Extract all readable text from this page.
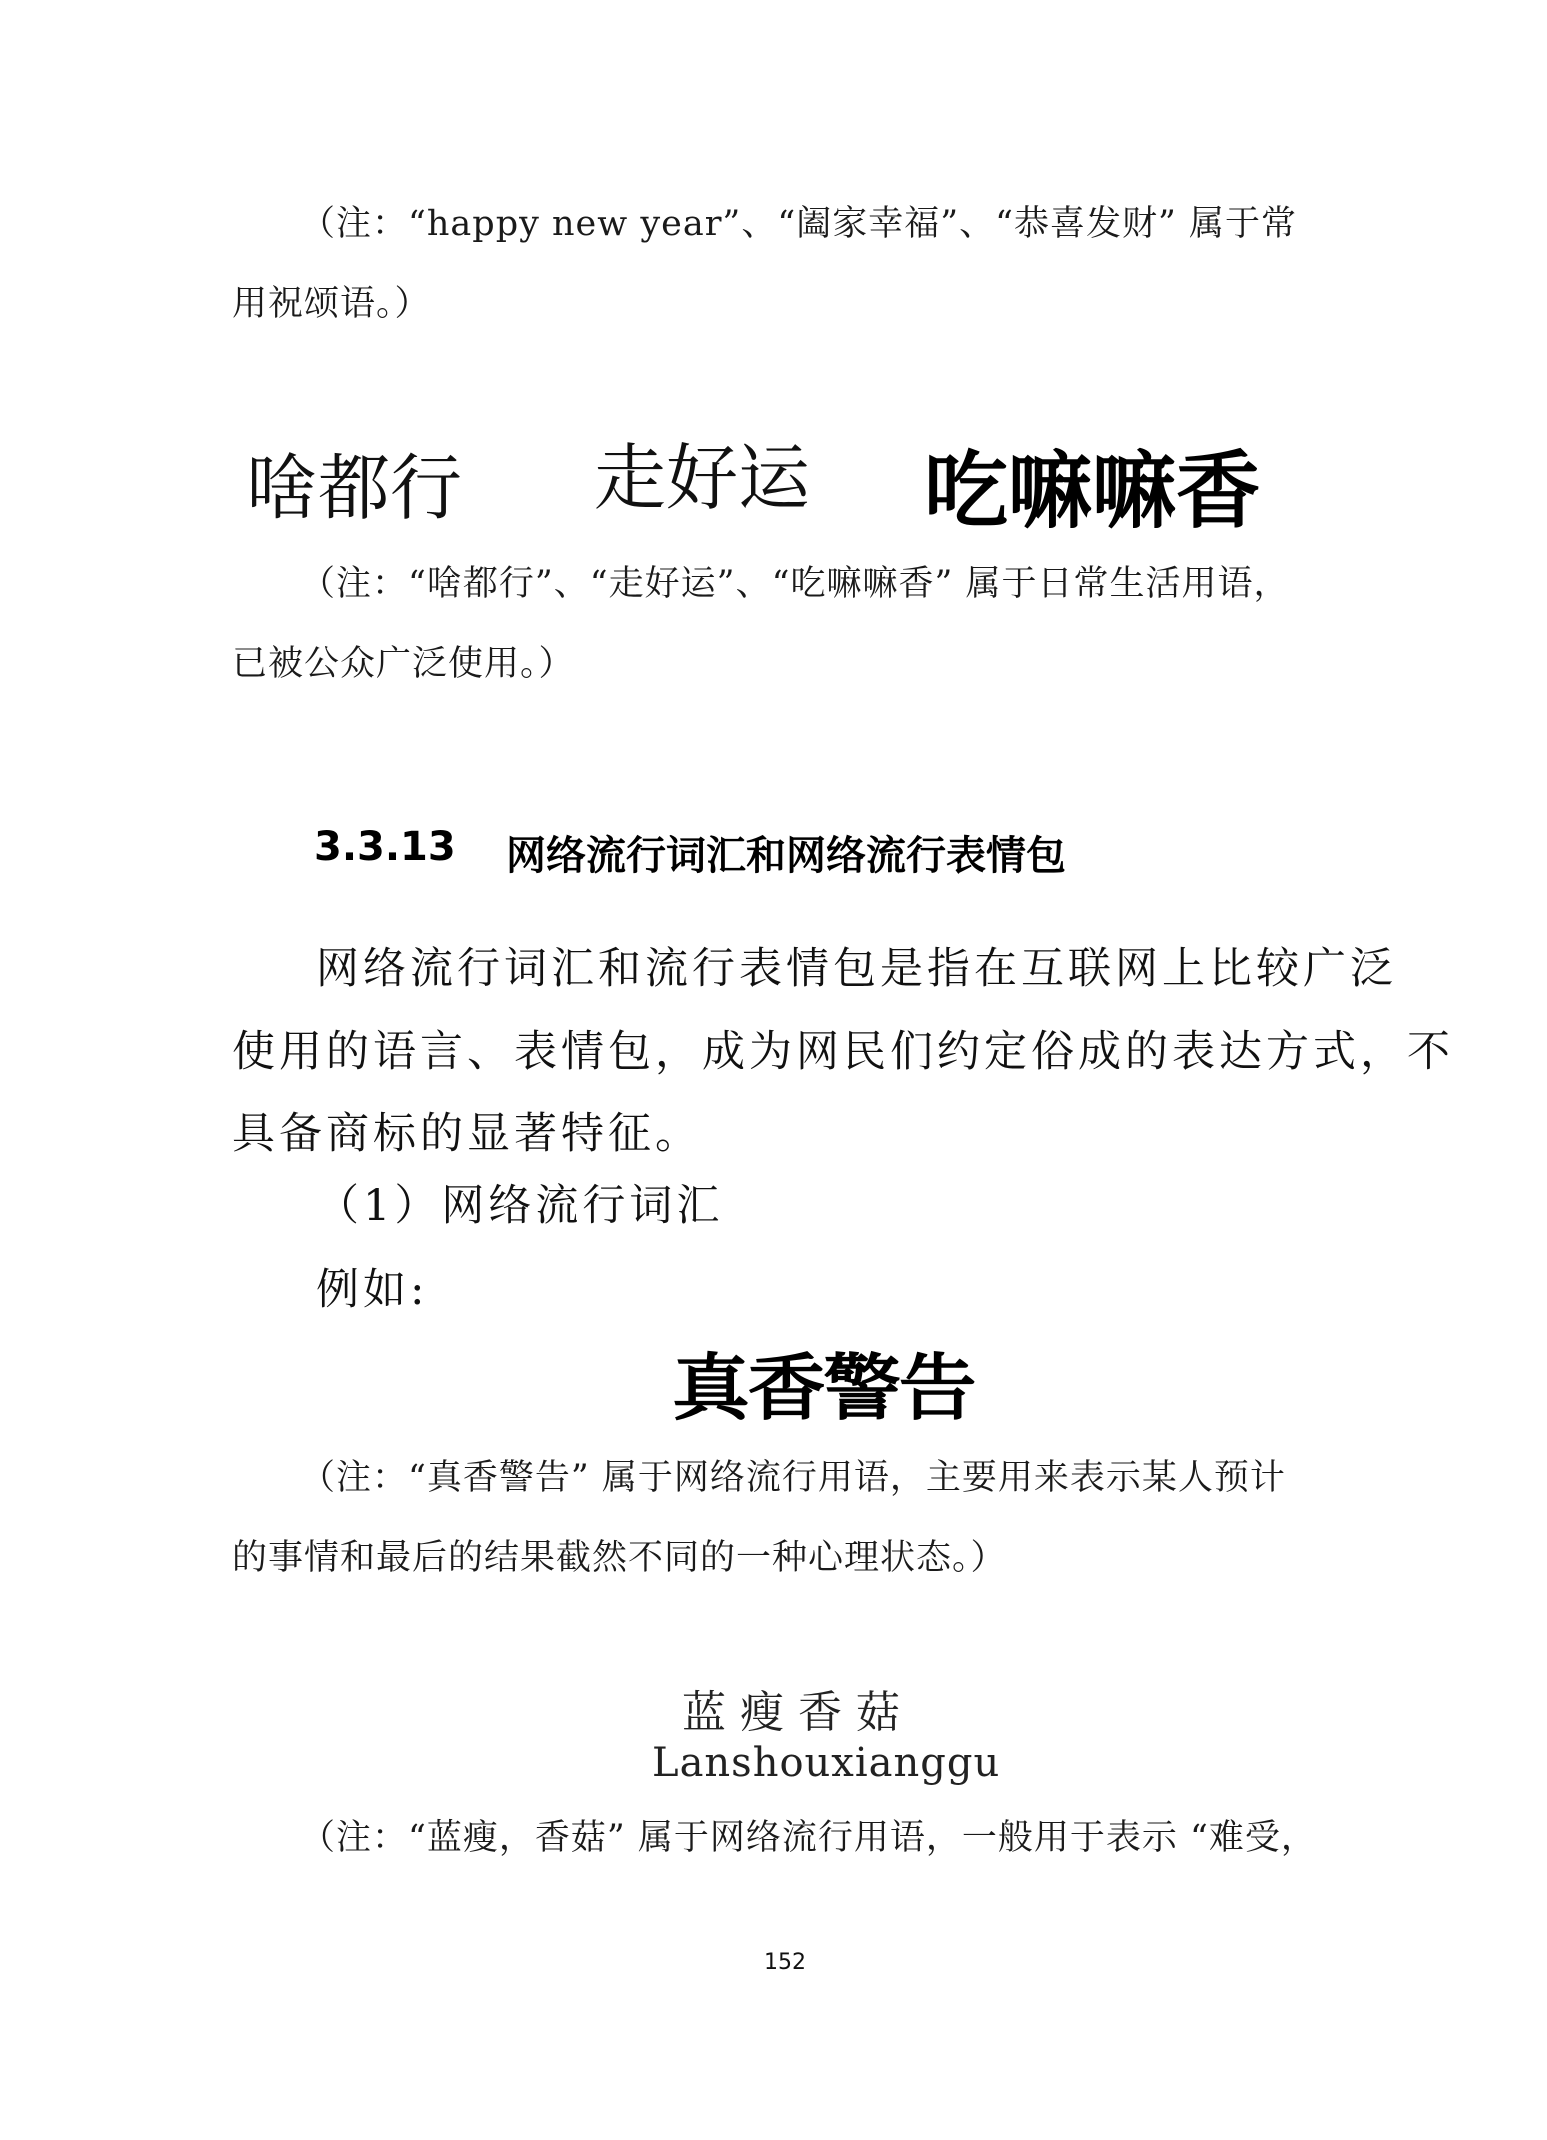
（注：“happy new year”、“阖家幸福”、“恭喜发财” 属于常
用祝颂语。）
啥都行 走好运 吃嘛嘛香
（注：“啥都行”、“走好运”、“吃嘛嘛香” 属于日常生活用语，
已被公众广泛使用。）
3.3.13 网络流行词汇和网络流行表情包
网络流行词汇和流行表情包是指在互联网上比较广泛
使用的语言、表情包，成为网民们约定俗成的表达方式，不
具备商标的显著特征。
（1）网络流行词汇
例如:
真香警告
（注：“真香警告” 属于网络流行用语，主要用来表示某人预计
的事情和最后的结果截然不同的一种心理状态。）
蓝瘦香菇
Lanshouxianggu
（注：“蓝瘦，香菇” 属于网络流行用语，一般用于表示 “难受，
152
